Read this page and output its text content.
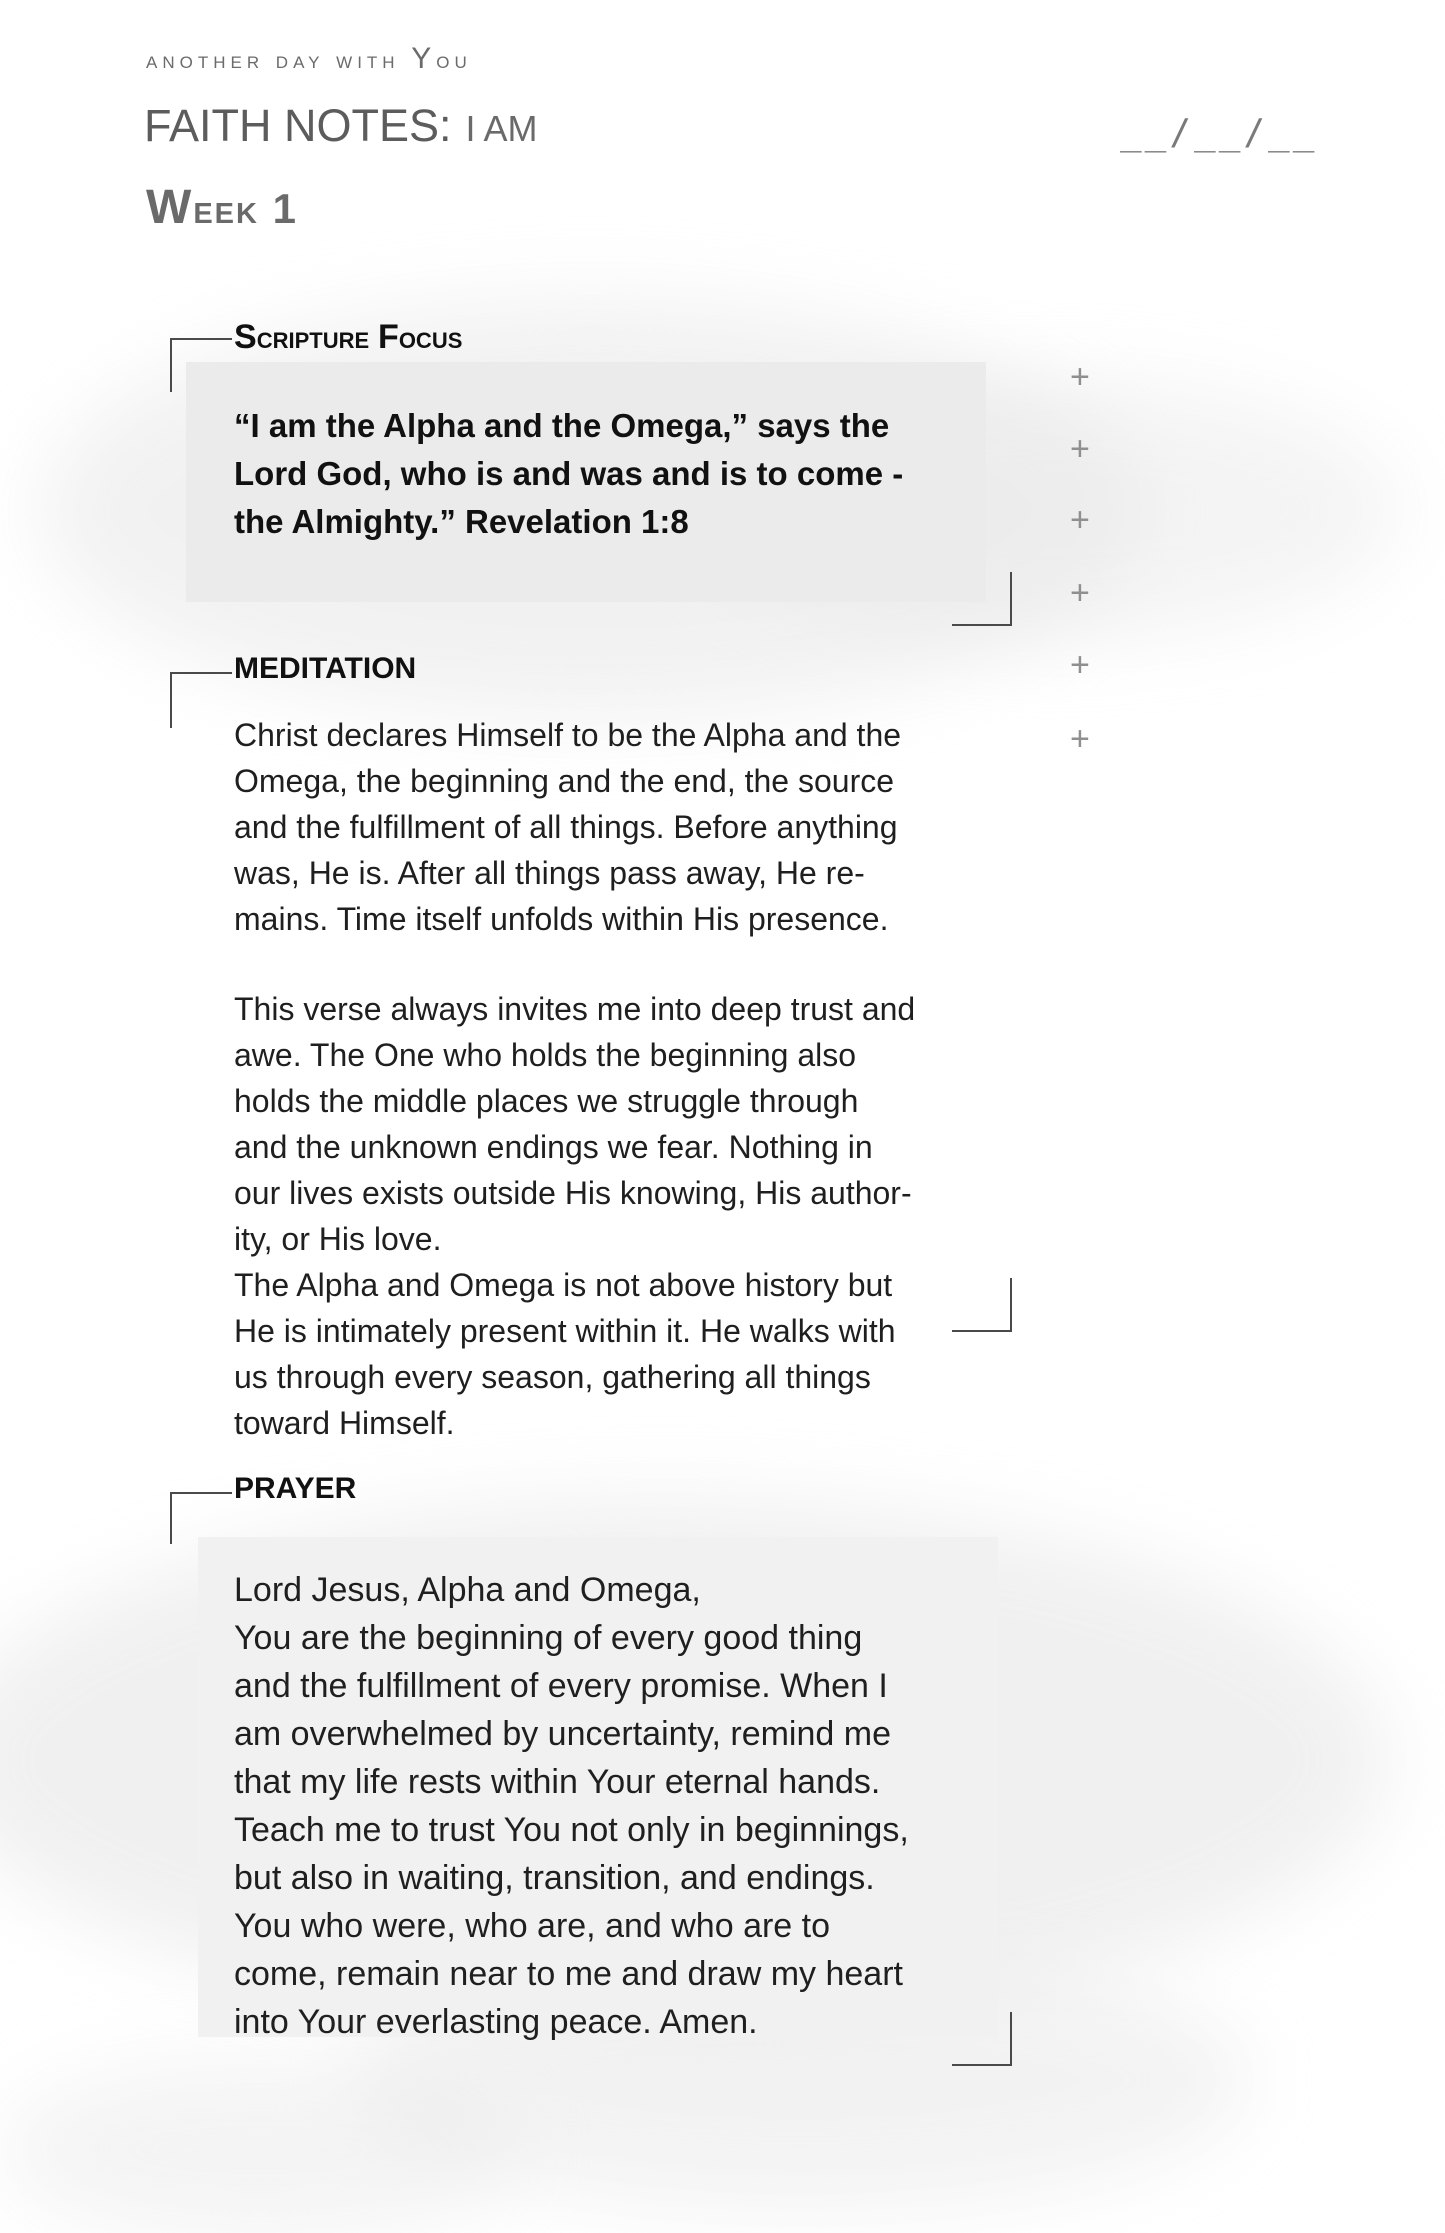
another day with You
FAITH NOTES: I AM
Week 1
__/__/__
Scripture Focus
“I am the Alpha and the Omega,” says the
Lord God, who is and was and is to come -
the Almighty.” Revelation 1:8
+
+
+
+
+
+
MEDITATION
Christ declares Himself to be the Alpha and the
Omega, the beginning and the end, the source
and the fulfillment of all things. Before anything
was, He is. After all things pass away, He re-
mains. Time itself unfolds within His presence.
This verse always invites me into deep trust and
awe. The One who holds the beginning also
holds the middle places we struggle through
and the unknown endings we fear. Nothing in
our lives exists outside His knowing, His author-
ity, or His love.
The Alpha and Omega is not above history but
He is intimately present within it. He walks with
us through every season, gathering all things
toward Himself.
PRAYER
Lord Jesus, Alpha and Omega,
You are the beginning of every good thing
and the fulfillment of every promise. When I
am overwhelmed by uncertainty, remind me
that my life rests within Your eternal hands.
Teach me to trust You not only in beginnings,
but also in waiting, transition, and endings.
You who were, who are, and who are to
come, remain near to me and draw my heart
into Your everlasting peace. Amen.
